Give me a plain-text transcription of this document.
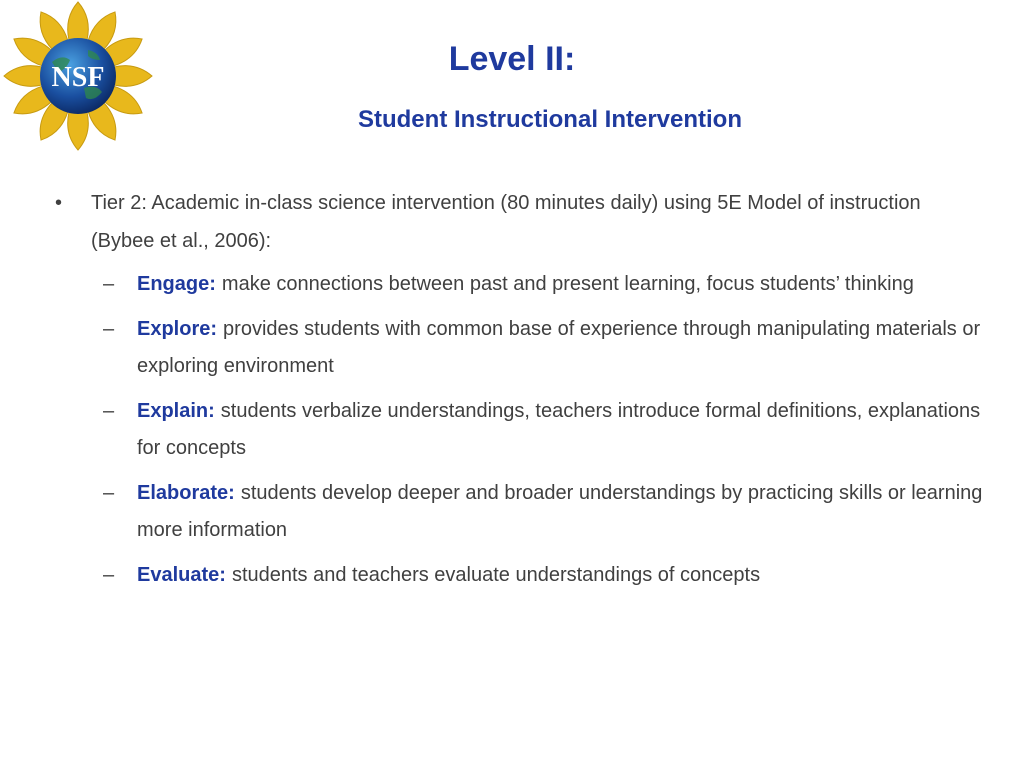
NSF	Level II:
Student Instructional Intervention
•	Tier 2: Academic in-class science intervention (80 minutes daily) using 5E Model of instruction (Bybee et al., 2006):
–	Engage: make connections between past and present learning, focus students’ thinking
–	Explore: provides students with common base of experience through manipulating materials or exploring environment
–	Explain: students verbalize understandings, teachers introduce formal definitions, explanations for concepts
–	Elaborate: students develop deeper and broader understandings by practicing skills or learning more information
–	Evaluate: students and teachers evaluate understandings of concepts
